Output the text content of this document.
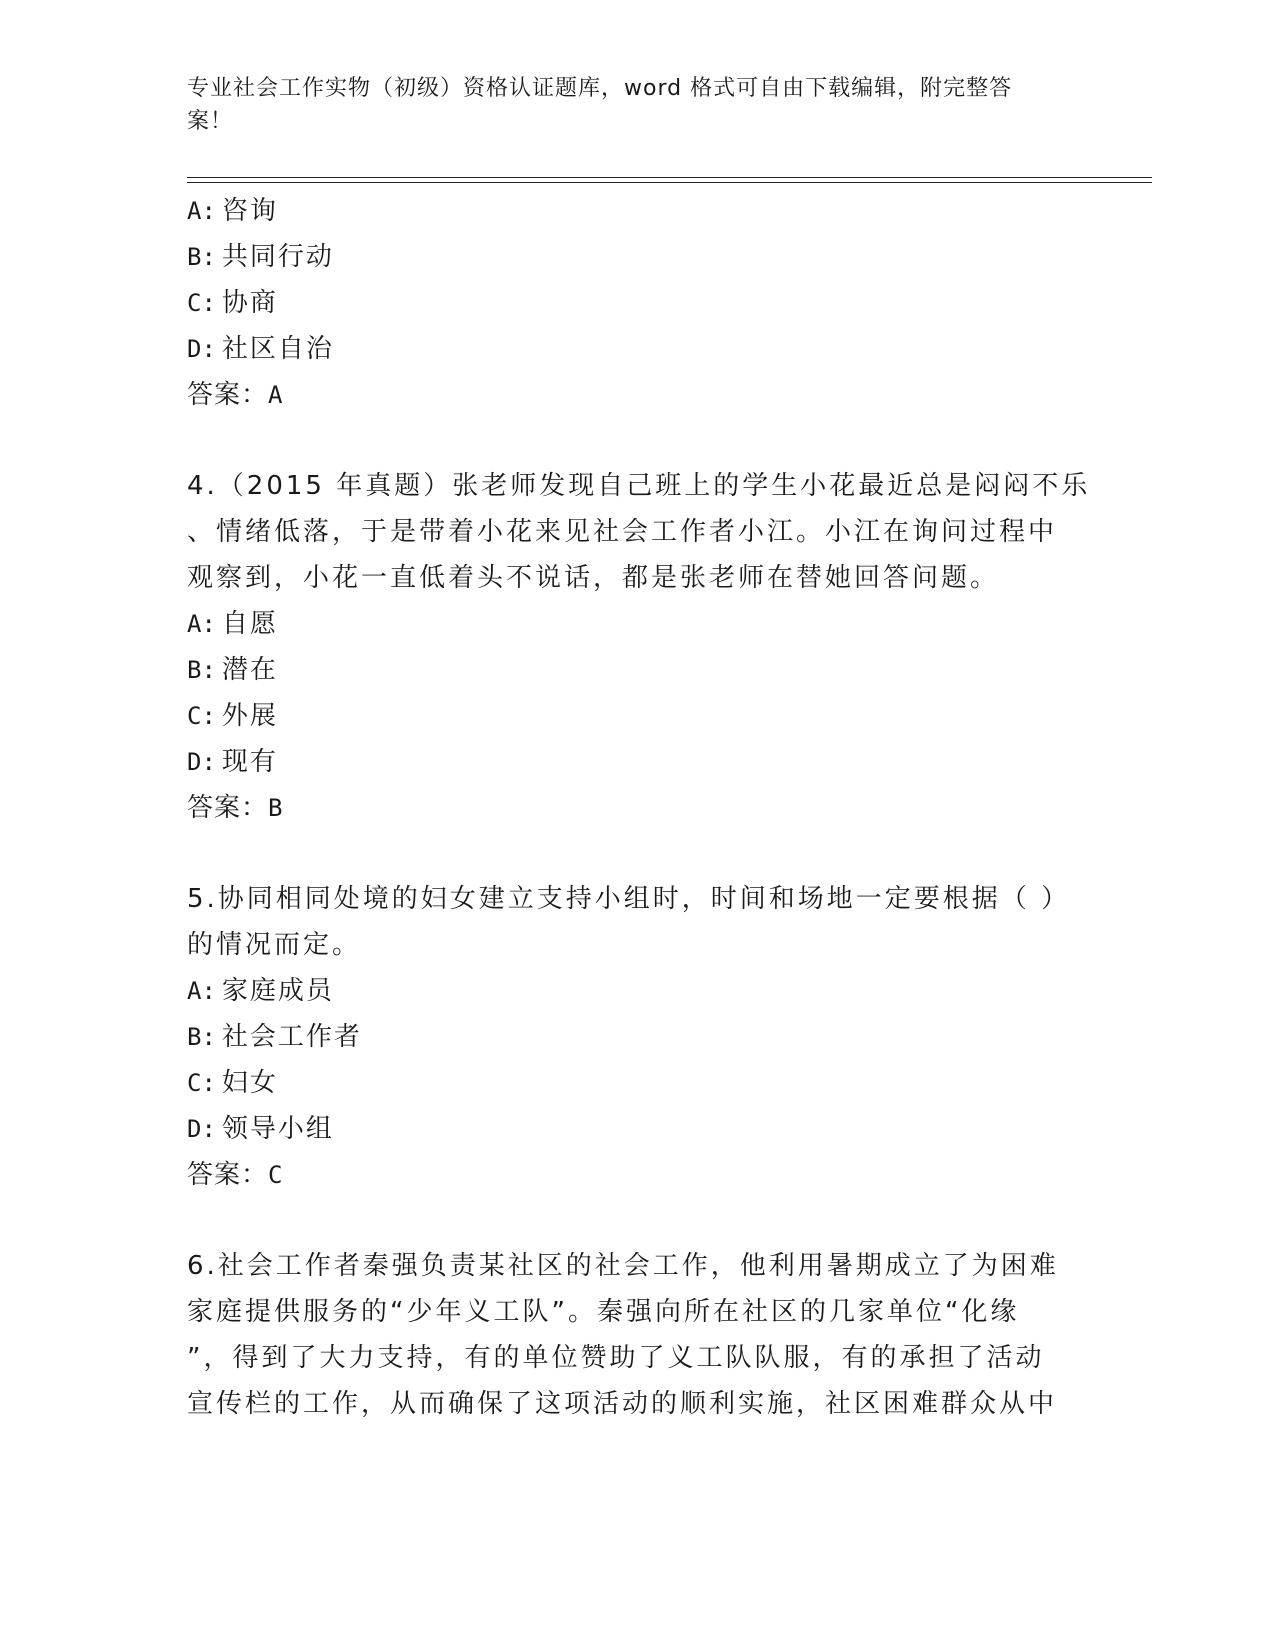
专业社会工作实物（初级）资格认证题库，word 格式可自由下载编辑，附完整答
案！
A: 咨询
B: 共同行动
C: 协商
D: 社区自治
答案：A
4.（2015 年真题）张老师发现自己班上的学生小花最近总是闷闷不乐
、情绪低落，于是带着小花来见社会工作者小江。小江在询问过程中
观察到，小花一直低着头不说话，都是张老师在替她回答问题。
A: 自愿
B: 潜在
C: 外展
D: 现有
答案：B
5.协同相同处境的妇女建立支持小组时，时间和场地一定要根据（ ）
的情况而定。
A: 家庭成员
B: 社会工作者
C: 妇女
D: 领导小组
答案：C
6.社会工作者秦强负责某社区的社会工作，他利用暑期成立了为困难
家庭提供服务的“少年义工队”。秦强向所在社区的几家单位“化缘
”，得到了大力支持，有的单位赞助了义工队队服，有的承担了活动
宣传栏的工作，从而确保了这项活动的顺利实施，社区困难群众从中
